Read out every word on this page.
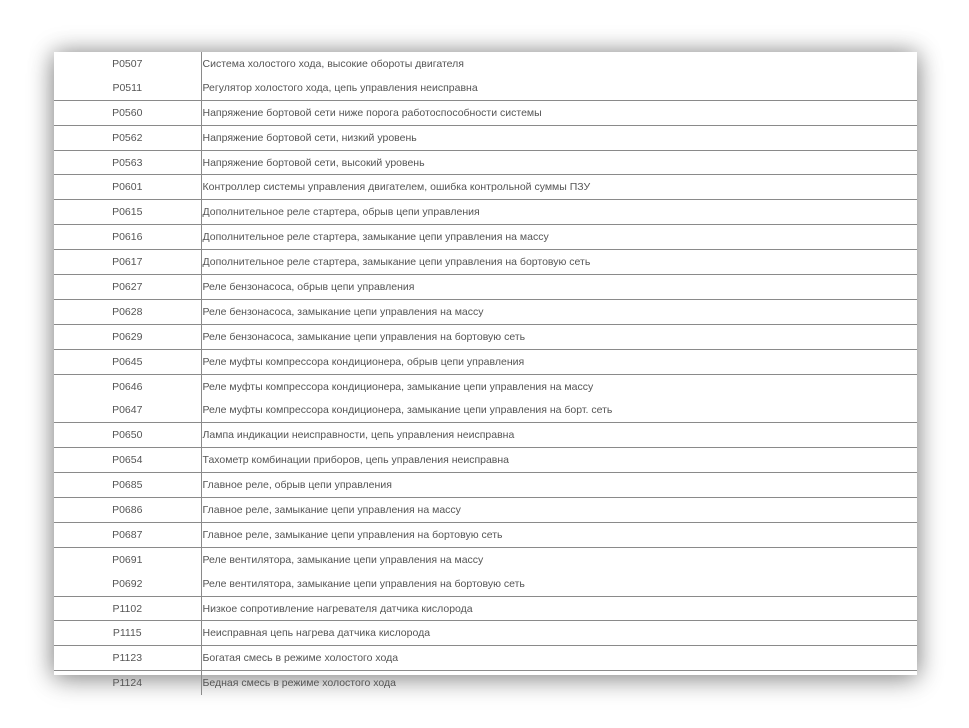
P0507	Система холостого хода, высокие обороты двигателя
P0511	Регулятор холостого хода, цепь управления неисправна
P0560	Напряжение бортовой сети ниже порога работоспособности системы
P0562	Напряжение бортовой сети, низкий уровень
P0563	Напряжение бортовой сети, высокий уровень
P0601	Контроллер системы управления двигателем, ошибка контрольной суммы ПЗУ
P0615	Дополнительное реле стартера, обрыв цепи управления
P0616	Дополнительное реле стартера, замыкание цепи управления на массу
P0617	Дополнительное реле стартера, замыкание цепи управления на бортовую сеть
P0627	Реле бензонасоса, обрыв цепи управления
P0628	Реле бензонасоса, замыкание цепи управления на массу
P0629	Реле бензонасоса, замыкание цепи управления на бортовую сеть
P0645	Реле муфты компрессора кондиционера, обрыв цепи управления
P0646	Реле муфты компрессора кондиционера, замыкание цепи управления на массу
P0647	Реле муфты компрессора кондиционера, замыкание цепи управления на борт. сеть
P0650	Лампа индикации неисправности, цепь управления неисправна
P0654	Тахометр комбинации приборов, цепь управления неисправна
P0685	Главное реле, обрыв цепи управления
P0686	Главное реле, замыкание цепи управления на массу
P0687	Главное реле, замыкание цепи управления на бортовую сеть
P0691	Реле вентилятора, замыкание цепи управления на массу
P0692	Реле вентилятора, замыкание цепи управления на бортовую сеть
P1102	Низкое сопротивление нагревателя датчика кислорода
P1115	Неисправная цепь нагрева датчика кислорода
P1123	Богатая смесь в режиме холостого хода
P1124	Бедная смесь в режиме холостого хода
